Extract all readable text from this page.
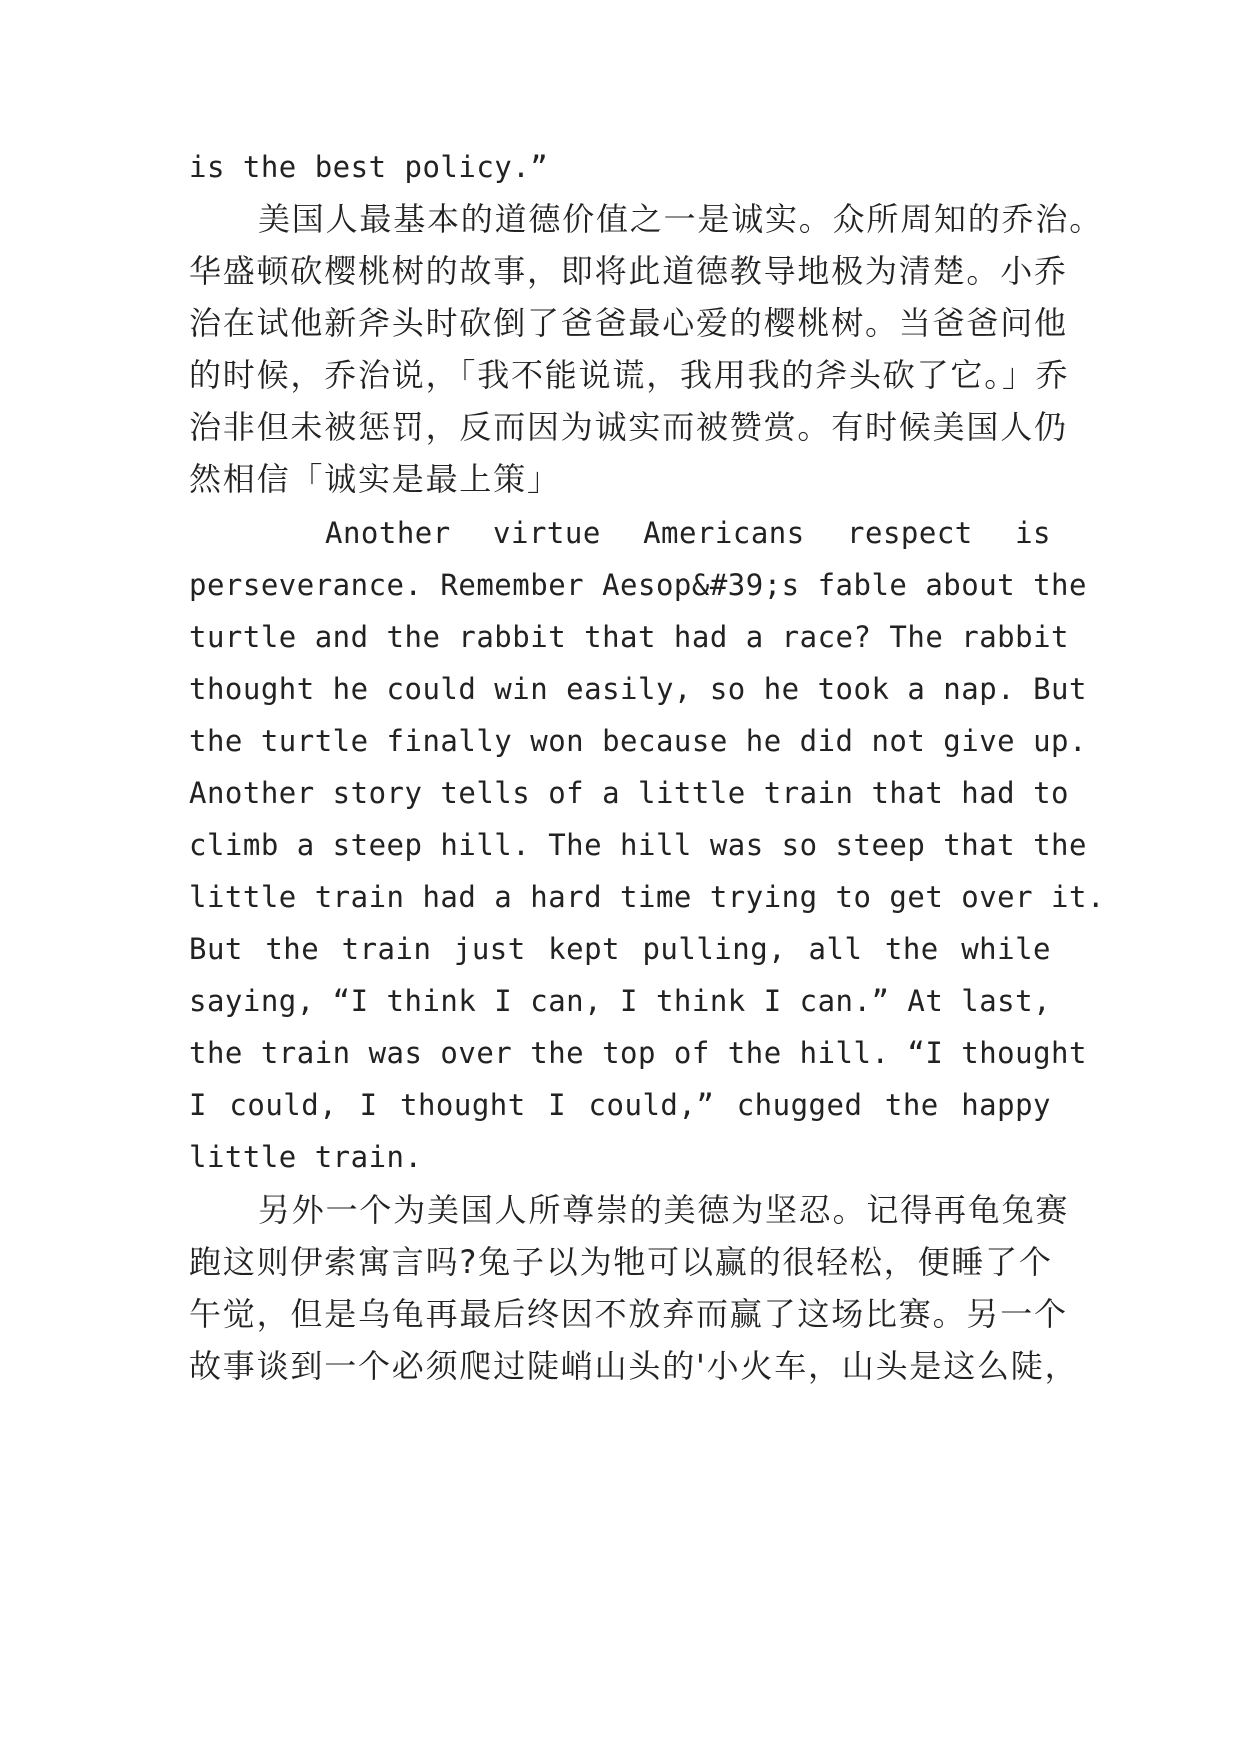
is the best policy.”
美国人最基本的道德价值之一是诚实。众所周知的乔治。
华盛顿砍樱桃树的故事，即将此道德教导地极为清楚。小乔
治在试他新斧头时砍倒了爸爸最心爱的樱桃树。当爸爸问他
的时候，乔治说，「我不能说谎，我用我的斧头砍了它。」乔
治非但未被惩罚，反而因为诚实而被赞赏。有时候美国人仍
然相信「诚实是最上策」
Another virtue Americans respect is
perseverance. Remember Aesop&#39;s fable about the
turtle and the rabbit that had a race? The rabbit
thought he could win easily, so he took a nap. But
the turtle finally won because he did not give up.
Another story tells of a little train that had to
climb a steep hill. The hill was so steep that the
little train had a hard time trying to get over it.
But the train just kept pulling, all the while
saying, “I think I can, I think I can.” At last,
the train was over the top of the hill. “I thought
I could, I thought I could,” chugged the happy
little train.
另外一个为美国人所尊崇的美德为坚忍。记得再龟兔赛
跑这则伊索寓言吗?兔子以为牠可以赢的很轻松，便睡了个
午觉，但是乌龟再最后终因不放弃而赢了这场比赛。另一个
故事谈到一个必须爬过陡峭山头的'小火车，山头是这么陡，
